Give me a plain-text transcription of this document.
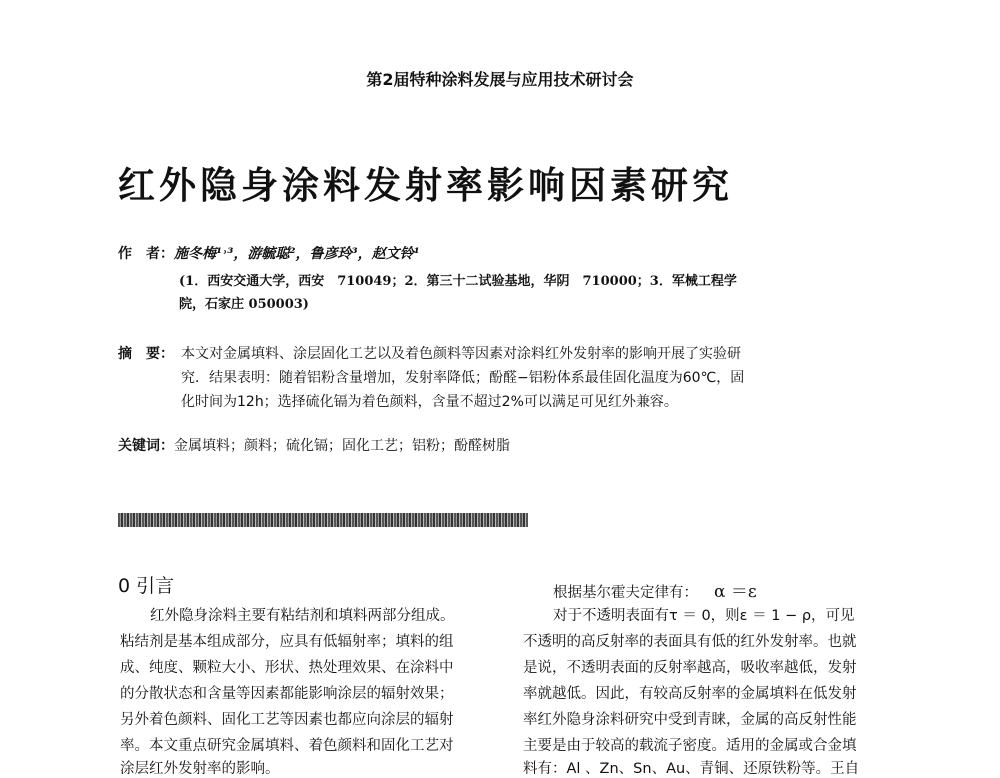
第2届特种涂料发展与应用技术研讨会
红外隐身涂料发射率影响因素研究
作　者：施冬梅¹˒³，游毓聪²，鲁彦玲³，赵文铃¹
(1．西安交通大学，西安　710049；2．第三十二试验基地，华阴　710000；3．军械工程学
院，石家庄 050003)
摘　要： 本文对金属填料、涂层固化工艺以及着色颜料等因素对涂料红外发射率的影响开展了实验研
究．结果表明：随着铝粉含量增加，发射率降低；酚醛−铝粉体系最佳固化温度为60℃，固
化时间为12h；选择硫化镉为着色颜料，含量不超过2%可以满足可见红外兼容。
关键词：金属填料；颜料；硫化镉；固化工艺；铝粉；酚醛树脂
0 引言
红外隐身涂料主要有粘结剂和填料两部分组成。
粘结剂是基本组成部分，应具有低辐射率；填料的组
成、纯度、颗粒大小、形状、热处理效果、在涂料中
的分散状态和含量等因素都能影响涂层的辐射效果；
另外着色颜料、固化工艺等因素也都应向涂层的辐射
率。本文重点研究金属填料、着色颜料和固化工艺对
涂层红外发射率的影响。
根据基尔霍夫定律有： α ＝ε
对于不透明表面有τ ＝ 0，则ε ＝ 1 − ρ，可见
不透明的高反射率的表面具有低的红外发射率。也就
是说，不透明表面的反射率越高，吸收率越低，发射
率就越低。因此，有较高反射率的金属填料在低发射
率红外隐身涂料研究中受到青睐，金属的高反射性能
主要是由于较高的载流子密度。适用的金属或合金填
料有：Al 、Zn、Sn、Au、青铜、还原铁粉等。王自
